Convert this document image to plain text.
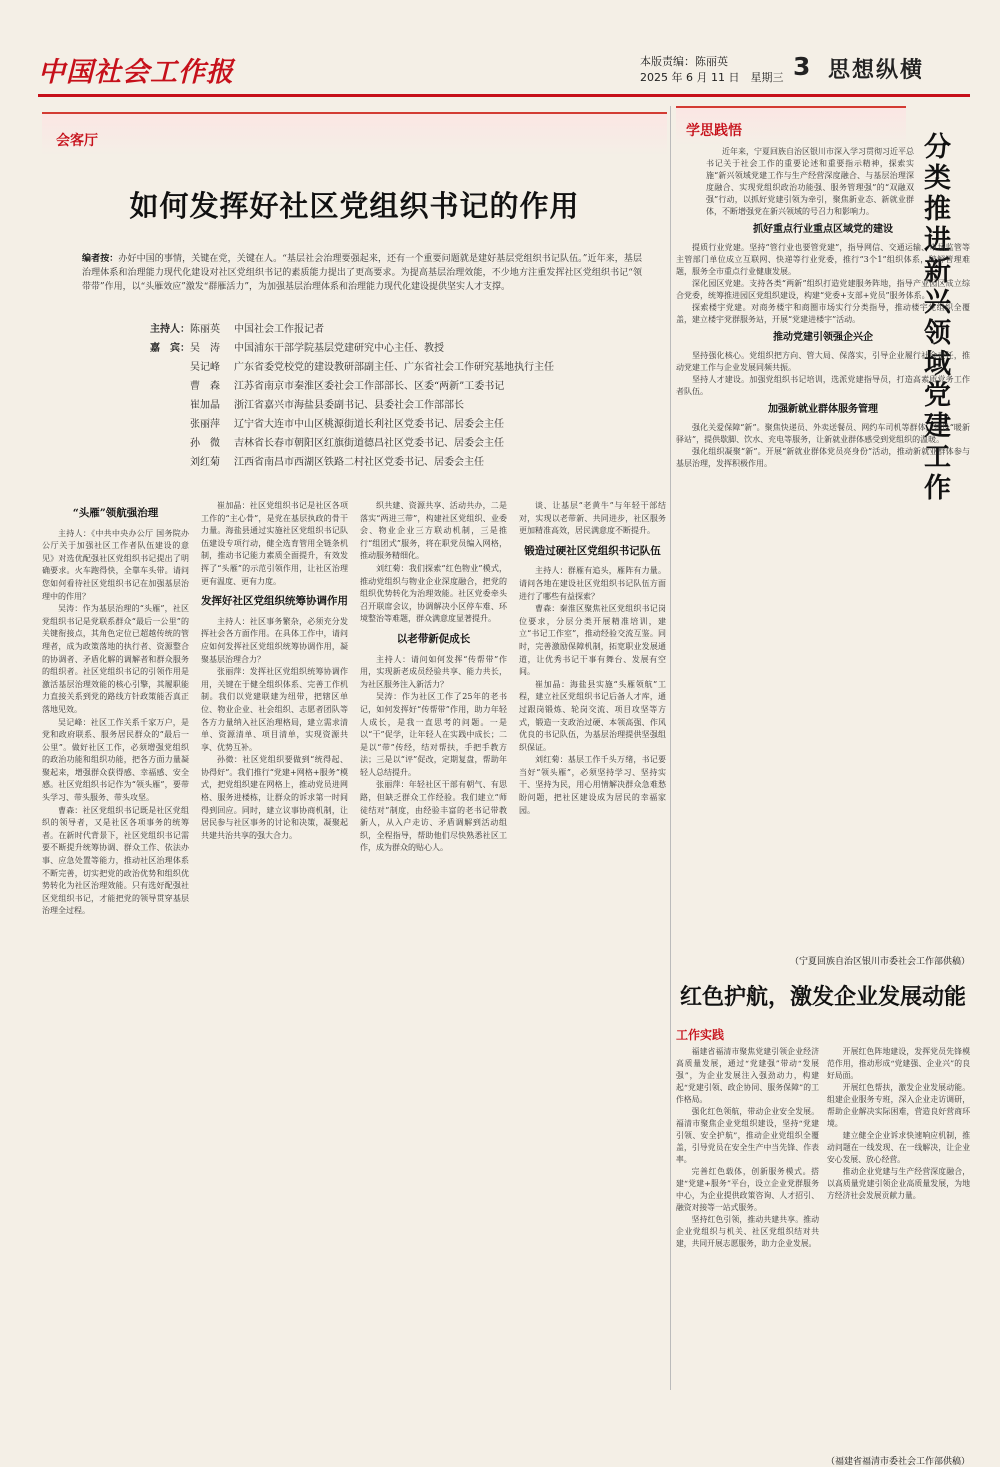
中国社会工作报	本版责编：陈丽英
2025 年 6 月 11 日　星期三 3 思想纵横
会客厅
如何发挥好社区党组织书记的作用
编者按：办好中国的事情，关键在党，关键在人。“基层社会治理要强起来，还有一个重要问题就是建好基层党组织书记队伍。”近年来，基层治理体系和治理能力现代化建设对社区党组织书记的素质能力提出了更高要求。为提高基层治理效能，不少地方注重发挥社区党组织书记“领带带”作用，以“头雁效应”激发“群雁活力”，为加强基层治理体系和治理能力现代化建设提供坚实人才支撑。
主持人： 陈丽英	中国社会工作报记者
嘉　宾： 吴　涛	中国浦东干部学院基层党建研究中心主任、教授
吴记峰	广东省委党校党的建设教研部副主任、广东省社会工作研究基地执行主任
曹　森	江苏省南京市秦淮区委社会工作部部长、区委“两新”工委书记
崔加晶	浙江省嘉兴市海盐县委副书记、县委社会工作部部长
张丽萍	辽宁省大连市中山区桃源街道长利社区党委书记、居委会主任
孙　微	吉林省长春市朝阳区红旗街道德昌社区党委书记、居委会主任
刘红菊	江西省南昌市西湖区铁路二村社区党委书记、居委会主任
“头雁”领航强治理

主持人：《中共中央办公厅 国务院办公厅关于加强社区工作者队伍建设的意见》对选优配强社区党组织书记提出了明确要求。火车跑得快，全靠车头带。请问您如何看待社区党组织书记在加强基层治理中的作用？

吴涛：作为基层治理的“头雁”，社区党组织书记是党联系群众“最后一公里”的关键衔接点，其角色定位已超越传统的管理者，成为政策落地的执行者、资源整合的协调者、矛盾化解的调解者和群众服务的组织者。社区党组织书记的引领作用是激活基层治理效能的核心引擎，其履职能力直接关系到党的路线方针政策能否真正落地见效。

吴记峰：社区工作关系千家万户，是党和政府联系、服务居民群众的“最后一公里”。做好社区工作，必须增强党组织的政治功能和组织功能，把各方面力量凝聚起来，增强群众获得感、幸福感、安全感。社区党组织书记作为“领头雁”，要带头学习、带头服务、带头攻坚。

曹森：社区党组织书记既是社区党组织的领导者，又是社区各项事务的统筹者。在新时代背景下，社区党组织书记需要不断提升统筹协调、群众工作、依法办事、应急处置等能力，推动社区治理体系不断完善，切实把党的政治优势和组织优势转化为社区治理效能。只有选好配强社区党组织书记，才能把党的领导贯穿基层治理全过程。

崔加晶：社区党组织书记是社区各项工作的“主心骨”，是党在基层执政的骨干力量。海盐县通过实施社区党组织书记队伍建设专项行动，健全选育管用全链条机制，推动书记能力素质全面提升，有效发挥了“头雁”的示范引领作用，让社区治理更有温度、更有力度。

发挥好社区党组织统筹协调作用

主持人：社区事务繁杂，必须充分发挥社会各方面作用。在具体工作中，请问应如何发挥社区党组织统筹协调作用，凝聚基层治理合力？

张丽萍：发挥社区党组织统筹协调作用，关键在于健全组织体系、完善工作机制。我们以党建联建为纽带，把辖区单位、物业企业、社会组织、志愿者团队等各方力量纳入社区治理格局，建立需求清单、资源清单、项目清单，实现资源共享、优势互补。

孙微：社区党组织要做到“统得起、协得好”。我们推行“党建+网格+服务”模式，把党组织建在网格上，推动党员进网格、服务进楼栋，让群众的诉求第一时间得到回应。同时，建立议事协商机制，让居民参与社区事务的讨论和决策，凝聚起共建共治共享的强大合力。

织共建、资源共享、活动共办，二是落实“两进三带”，构建社区党组织、业委会、物业企业三方联动机制，三是推行“组团式”服务，将在职党员编入网格，推动服务精细化。

刘红菊：我们探索“红色物业”模式，推动党组织与物业企业深度融合，把党的组织优势转化为治理效能。社区党委牵头召开联席会议，协调解决小区停车难、环境整治等难题，群众满意度显著提升。

以老带新促成长

主持人：请问如何发挥“传帮带”作用，实现新老成员经验共享、能力共长，为社区服务注入新活力？

吴涛：作为社区工作了25年的老书记，如何发挥好“传帮带”作用，助力年轻人成长，是我一直思考的问题。一是以“干”促学，让年轻人在实践中成长；二是以“带”传经，结对帮扶，手把手教方法；三是以“评”促改，定期复盘，帮助年轻人总结提升。

张丽萍：年轻社区干部有朝气、有思路，但缺乏群众工作经验。我们建立“师徒结对”制度，由经验丰富的老书记带教新人，从入户走访、矛盾调解到活动组织，全程指导，帮助他们尽快熟悉社区工作，成为群众的贴心人。

谈、让基层“老黄牛”与年轻干部结对，实现以老带新、共同进步，社区服务更加精准高效，居民满意度不断提升。

锻造过硬社区党组织书记队伍

主持人：群雁有追头，雁阵有力量。请问各地在建设社区党组织书记队伍方面进行了哪些有益探索？

曹森：秦淮区聚焦社区党组织书记岗位要求，分层分类开展精准培训，建立“书记工作室”，推动经验交流互鉴。同时，完善激励保障机制，拓宽职业发展通道，让优秀书记干事有舞台、发展有空间。

崔加晶：海盐县实施“头雁领航”工程，建立社区党组织书记后备人才库，通过跟岗锻炼、轮岗交流、项目攻坚等方式，锻造一支政治过硬、本领高强、作风优良的书记队伍，为基层治理提供坚强组织保证。

刘红菊：基层工作千头万绪，书记要当好“领头雁”，必须坚持学习、坚持实干、坚持为民，用心用情解决群众急难愁盼问题，把社区建设成为居民的幸福家园。

学思践悟
分类推进新兴领域党建工作
近年来，宁夏回族自治区银川市深入学习贯彻习近平总书记关于社会工作的重要论述和重要指示精神，探索实施“新兴领域党建工作与生产经营深度融合、与基层治理深度融合、实现党组织政治功能强、服务管理强”的“双融双强”行动，以抓好党建引领为牵引，聚焦新业态、新就业群体，不断增强党在新兴领域的号召力和影响力。
抓好重点行业重点区域党的建设

提质行业党建。坚持“管行业也要管党建”，指导网信、交通运输、市场监管等主管部门单位成立互联网、快递等行业党委，推行“3个1”组织体系，破解管理难题，服务全市重点行业健康发展。

深化园区党建。支持各类“两新”组织打造党建服务阵地，指导产业园区成立综合党委，统筹推进园区党组织建设，构建“党委+支部+党员”服务体系。

探索楼宇党建。对商务楼宇和商圈市场实行分类指导，推动楼宇党组织全覆盖，建立楼宇党群服务站，开展“党建进楼宇”活动。

推动党建引领强企兴企

坚持强化核心。党组织把方向、管大局、保落实，引导企业履行社会责任，推动党建工作与企业发展同频共振。

坚持人才建设。加强党组织书记培训，选派党建指导员，打造高素质党务工作者队伍。

加强新就业群体服务管理

强化关爱保障“新”。聚焦快递员、外卖送餐员、网约车司机等群体，建设“暖新驿站”，提供歇脚、饮水、充电等服务，让新就业群体感受到党组织的温暖。

强化组织凝聚“新”。开展“新就业群体党员亮身份”活动，推动新就业群体参与基层治理，发挥积极作用。

（宁夏回族自治区银川市委社会工作部供稿）
红色护航，激发企业发展动能
工作实践

福建省福清市聚焦党建引领企业经济高质量发展，通过“党建强”带动“发展强”，为企业发展注入强劲动力，构建起“党建引领、政企协同、服务保障”的工作格局。

强化红色领航，带动企业安全发展。福清市聚焦企业党组织建设，坚持“党建引领、安全护航”，推动企业党组织全覆盖，引导党员在安全生产中当先锋、作表率。

完善红色载体，创新服务模式。搭建“党建+服务”平台，设立企业党群服务中心，为企业提供政策咨询、人才招引、融资对接等一站式服务。

坚持红色引领，推动共建共享。推动企业党组织与机关、社区党组织结对共建，共同开展志愿服务，助力企业发展。

开展红色阵地建设，发挥党员先锋模范作用，推动形成“党建强、企业兴”的良好局面。

开展红色帮扶，激发企业发展动能。组建企业服务专班，深入企业走访调研，帮助企业解决实际困难，营造良好营商环境。

建立健全企业诉求快速响应机制，推动问题在一线发现、在一线解决，让企业安心发展、放心经营。

推动企业党建与生产经营深度融合，以高质量党建引领企业高质量发展，为地方经济社会发展贡献力量。

（福建省福清市委社会工作部供稿）
